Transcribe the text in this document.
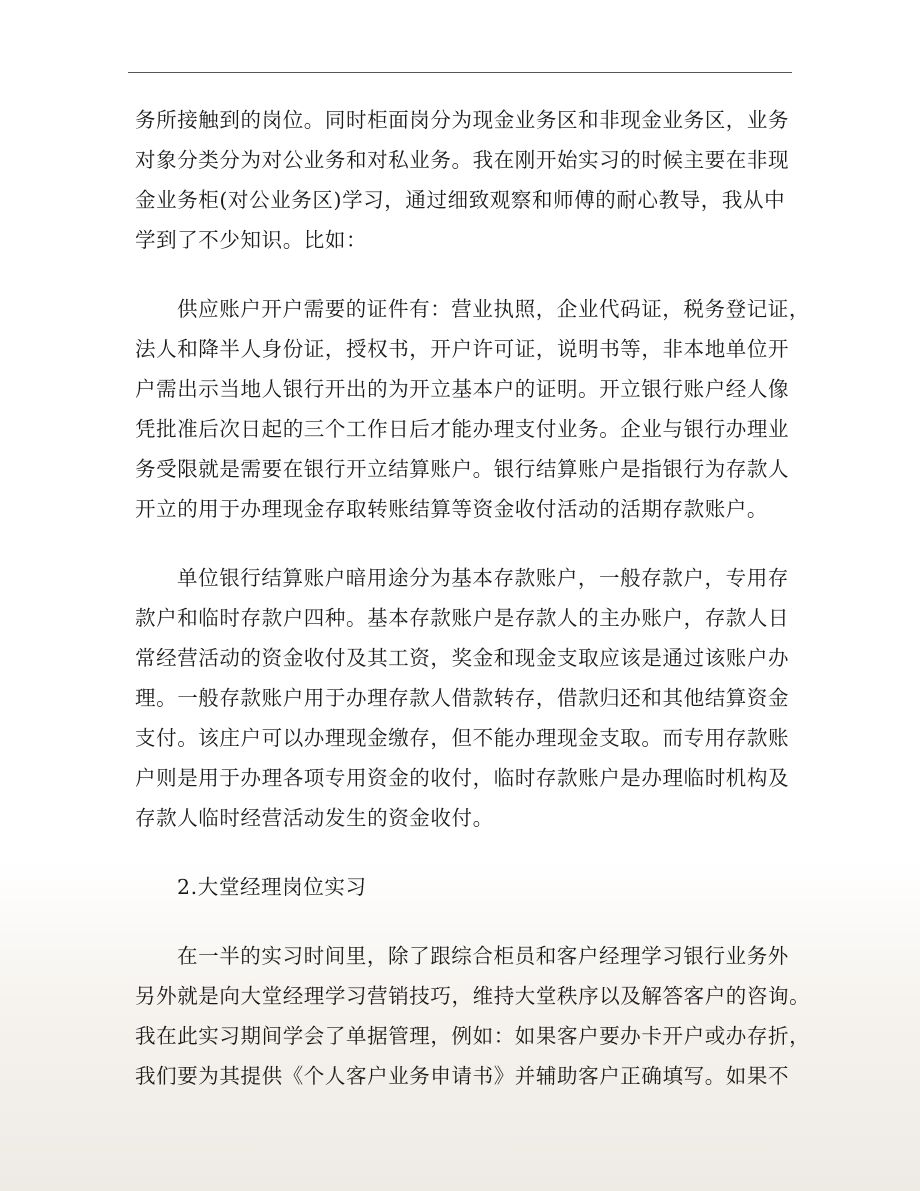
务所接触到的岗位。同时柜面岗分为现金业务区和非现金业务区，业务
对象分类分为对公业务和对私业务。我在刚开始实习的时候主要在非现
金业务柜(对公业务区)学习，通过细致观察和师傅的耐心教导，我从中
学到了不少知识。比如：

供应账户开户需要的证件有：营业执照，企业代码证，税务登记证，
法人和降半人身份证，授权书，开户许可证，说明书等，非本地单位开
户需出示当地人银行开出的为开立基本户的证明。开立银行账户经人像
凭批准后次日起的三个工作日后才能办理支付业务。企业与银行办理业
务受限就是需要在银行开立结算账户。银行结算账户是指银行为存款人
开立的用于办理现金存取转账结算等资金收付活动的活期存款账户。

单位银行结算账户暗用途分为基本存款账户，一般存款户，专用存
款户和临时存款户四种。基本存款账户是存款人的主办账户，存款人日
常经营活动的资金收付及其工资，奖金和现金支取应该是通过该账户办
理。一般存款账户用于办理存款人借款转存，借款归还和其他结算资金
支付。该庄户可以办理现金缴存，但不能办理现金支取。而专用存款账
户则是用于办理各项专用资金的收付，临时存款账户是办理临时机构及
存款人临时经营活动发生的资金收付。

2.大堂经理岗位实习

在一半的实习时间里，除了跟综合柜员和客户经理学习银行业务外
另外就是向大堂经理学习营销技巧，维持大堂秩序以及解答客户的咨询。
我在此实习期间学会了单据管理，例如：如果客户要办卡开户或办存折，
我们要为其提供《个人客户业务申请书》并辅助客户正确填写。如果不
